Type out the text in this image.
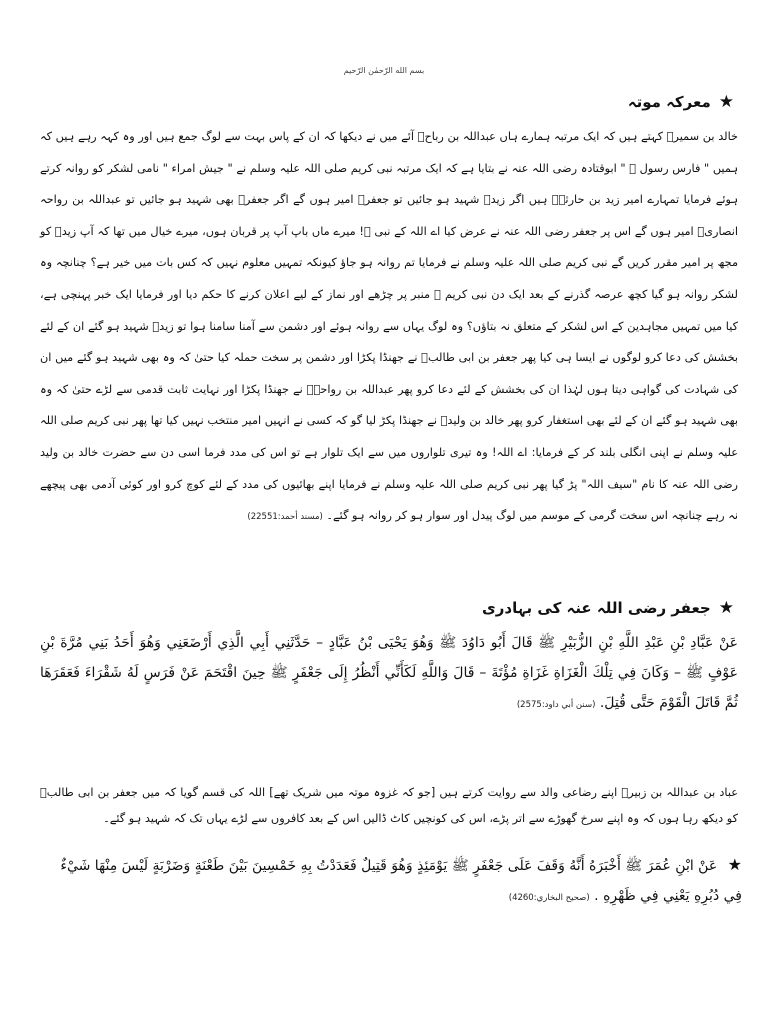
بسم الله الرّحمٰن الرّحیم
★
معرکہ موتہ
خالد بن سمیرؒ کہتے ہیں کہ ایک مرتبہ ہمارے ہاں عبداللہ بن رباحؒ آئے میں نے دیکھا کہ ان کے پاس بہت سے لوگ جمع ہیں اور وہ کہہ رہے ہیں کہ ہمیں " فارس رسول ﷺ " ابوقتادہ رضی اللہ عنہ نے بتایا ہے کہ ایک مرتبہ نبی کریم صلی اللہ علیہ وسلم نے " جیش امراء " نامی لشکر کو روانہ کرتے ہوئے فرمایا تمہارے امیر زید بن حارثہؓ ہیں اگر زیدؓ شہید ہو جائیں تو جعفرؓ امیر ہوں گے اگر جعفرؓ بھی شہید ہو جائیں تو عبداللہ بن رواحہ انصاریؓ امیر ہوں گے اس پر جعفر رضی اللہ عنہ نے عرض کیا اے اللہ کے نبی ﷺ! میرے ماں باپ آپ پر قربان ہوں، میرے خیال میں تھا کہ آپ زیدؓ کو مجھ پر امیر مقرر کریں گے نبی کریم صلی اللہ علیہ وسلم نے فرمایا تم روانہ ہو جاؤ کیونکہ تمہیں معلوم نہیں کہ کس بات میں خیر ہے؟ چنانچہ وہ لشکر روانہ ہو گیا کچھ عرصہ گذرنے کے بعد ایک دن نبی کریم ﷺ منبر پر چڑھے اور نماز کے لیے اعلان کرنے کا حکم دیا اور فرمایا ایک خبر پہنچی ہے، کیا میں تمہیں مجاہدین کے اس لشکر کے متعلق نہ بتاؤں؟ وہ لوگ یہاں سے روانہ ہوئے اور دشمن سے آمنا سامنا ہوا تو زیدؓ شہید ہو گئے ان کے لئے بخشش کی دعا کرو لوگوں نے ایسا ہی کیا پھر جعفر بن ابی طالبؓ نے جھنڈا پکڑا اور دشمن پر سخت حملہ کیا حتیٰ کہ وہ بھی شہید ہو گئے میں ان کی شہادت کی گواہی دیتا ہوں لہٰذا ان کی بخشش کے لئے دعا کرو پھر عبداللہ بن رواحہؓ نے جھنڈا پکڑا اور نہایت ثابت قدمی سے لڑے حتیٰ کہ وہ بھی شہید ہو گئے ان کے لئے بھی استغفار کرو پھر خالد بن ولیدؓ نے جھنڈا پکڑ لیا گو کہ کسی نے انہیں امیر منتخب نہیں کیا تھا پھر نبی کریم صلی اللہ علیہ وسلم نے اپنی انگلی بلند کر کے فرمایا: اے اللہ! وہ تیری تلواروں میں سے ایک تلوار ہے تو اس کی مدد فرما اسی دن سے حضرت خالد بن ولید رضی اللہ عنہ کا نام "سیف اللہ" پڑ گیا پھر نبی کریم صلی اللہ علیہ وسلم نے فرمایا اپنے بھائیوں کی مدد کے لئے کوچ کرو اور کوئی آدمی بھی پیچھے نہ رہے چنانچہ اس سخت گرمی کے موسم میں لوگ پیدل اور سوار ہو کر روانہ ہو گئے۔ (مسند أحمد:22551)
★
جعفر رضی اللہ عنہ کی بہادری
عَنْ عَبَّادِ بْنِ عَبْدِ اللَّهِ بْنِ الزُّبَيْرِ ﷺ قَالَ أَبُو دَاوُدَ ﷺ وَهُوَ يَحْيَى بْنُ عَبَّادٍ – حَدَّثَنِي أَبِي الَّذِي أَرْضَعَنِي وَهُوَ أَحَدُ بَنِي مُرَّةَ بْنِ عَوْفٍ ﷺ – وَكَانَ فِي تِلْكَ الْغَزَاةِ غَزَاةِ مُؤْتَةَ – قَالَ وَاللَّهِ لَكَأَنِّي أَنْظُرُ إِلَى جَعْفَرٍ ﷺ حِينَ اقْتَحَمَ عَنْ فَرَسٍ لَهُ شَقْرَاءَ فَعَقَرَهَا ثُمَّ قَاتَلَ الْقَوْمَ حَتَّى قُتِلَ. (سنن أبي داود:2575)
عباد بن عبداللہ بن زبیرؒ اپنے رضاعی والد سے روایت کرتے ہیں [جو کہ غزوہ موتہ میں شریک تھے] اللہ کی قسم گویا کہ میں جعفر بن ابی طالبؓ کو دیکھ رہا ہوں کہ وہ اپنے سرخ گھوڑے سے اتر پڑے، اس کی کونچیں کاٹ ڈالیں اس کے بعد کافروں سے لڑے یہاں تک کہ شہید ہو گئے۔
★ عَنْ ابْنِ عُمَرَ ﷺ أَخْبَرَهُ أَنَّهُ وَقَفَ عَلَى جَعْفَرٍ ﷺ يَوْمَئِذٍ وَهُوَ قَتِيلٌ فَعَدَدْتُ بِهِ خَمْسِينَ بَيْنَ طَعْنَةٍ وَضَرْبَةٍ لَيْسَ مِنْهَا شَيْءٌ فِي دُبُرِهِ يَعْنِي فِي ظَهْرِهِ . (صحيح البخاري:4260)
